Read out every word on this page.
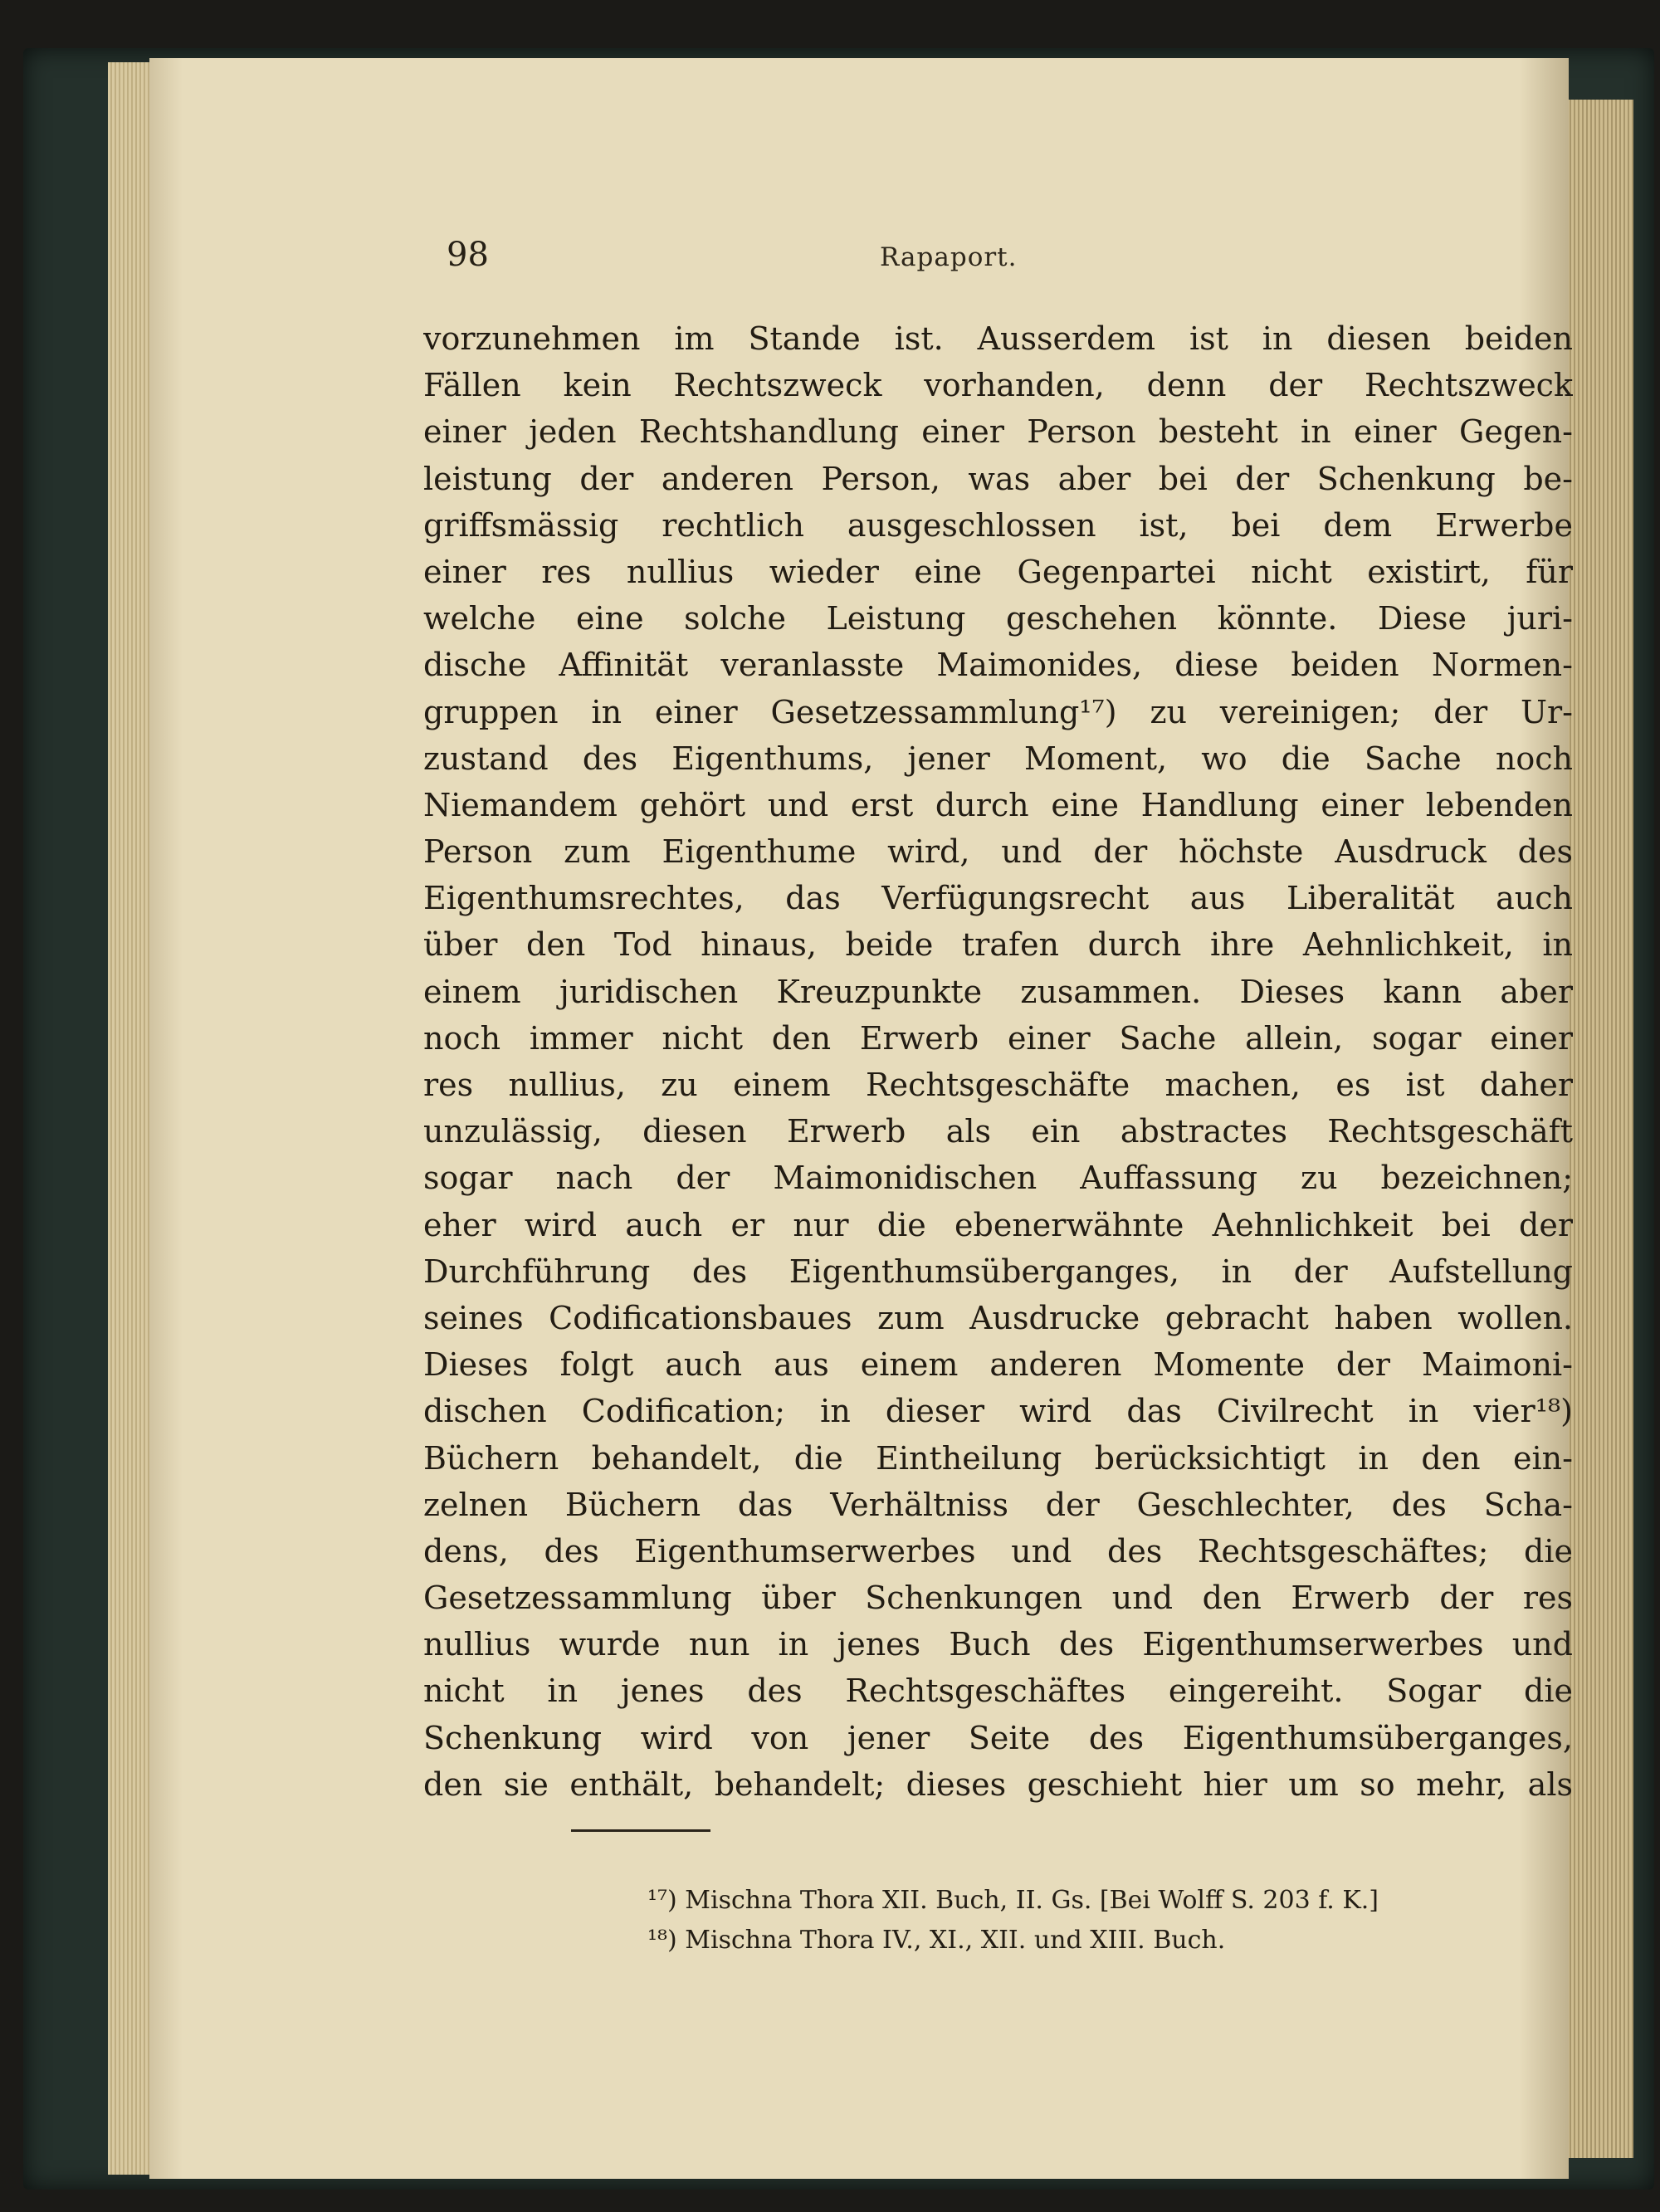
98	Rapaport.
vorzunehmen im Stande ist. Ausserdem ist in diesen beiden
Fällen kein Rechtszweck vorhanden, denn der Rechtszweck
einer jeden Rechtshandlung einer Person besteht in einer Gegen-
leistung der anderen Person, was aber bei der Schenkung be-
griffsmässig rechtlich ausgeschlossen ist, bei dem Erwerbe
einer res nullius wieder eine Gegenpartei nicht existirt, für
welche eine solche Leistung geschehen könnte. Diese juri-
dische Affinität veranlasste Maimonides, diese beiden Normen-
gruppen in einer Gesetzessammlung¹⁷) zu vereinigen; der Ur-
zustand des Eigenthums, jener Moment, wo die Sache noch
Niemandem gehört und erst durch eine Handlung einer lebenden
Person zum Eigenthume wird, und der höchste Ausdruck des
Eigenthumsrechtes, das Verfügungsrecht aus Liberalität auch
über den Tod hinaus, beide trafen durch ihre Aehnlichkeit, in
einem juridischen Kreuzpunkte zusammen. Dieses kann aber
noch immer nicht den Erwerb einer Sache allein, sogar einer
res nullius, zu einem Rechtsgeschäfte machen, es ist daher
unzulässig, diesen Erwerb als ein abstractes Rechtsgeschäft
sogar nach der Maimonidischen Auffassung zu bezeichnen;
eher wird auch er nur die ebenerwähnte Aehnlichkeit bei der
Durchführung des Eigenthumsüberganges, in der Aufstellung
seines Codificationsbaues zum Ausdrucke gebracht haben wollen.
Dieses folgt auch aus einem anderen Momente der Maimoni-
dischen Codification; in dieser wird das Civilrecht in vier¹⁸)
Büchern behandelt, die Eintheilung berücksichtigt in den ein-
zelnen Büchern das Verhältniss der Geschlechter, des Scha-
dens, des Eigenthumserwerbes und des Rechtsgeschäftes; die
Gesetzessammlung über Schenkungen und den Erwerb der res
nullius wurde nun in jenes Buch des Eigenthumserwerbes und
nicht in jenes des Rechtsgeschäftes eingereiht. Sogar die
Schenkung wird von jener Seite des Eigenthumsüberganges,
den sie enthält, behandelt; dieses geschieht hier um so mehr, als
¹⁷) Mischna Thora XII. Buch, II. Gs. [Bei Wolff S. 203 f. K.]
¹⁸) Mischna Thora IV., XI., XII. und XIII. Buch.
